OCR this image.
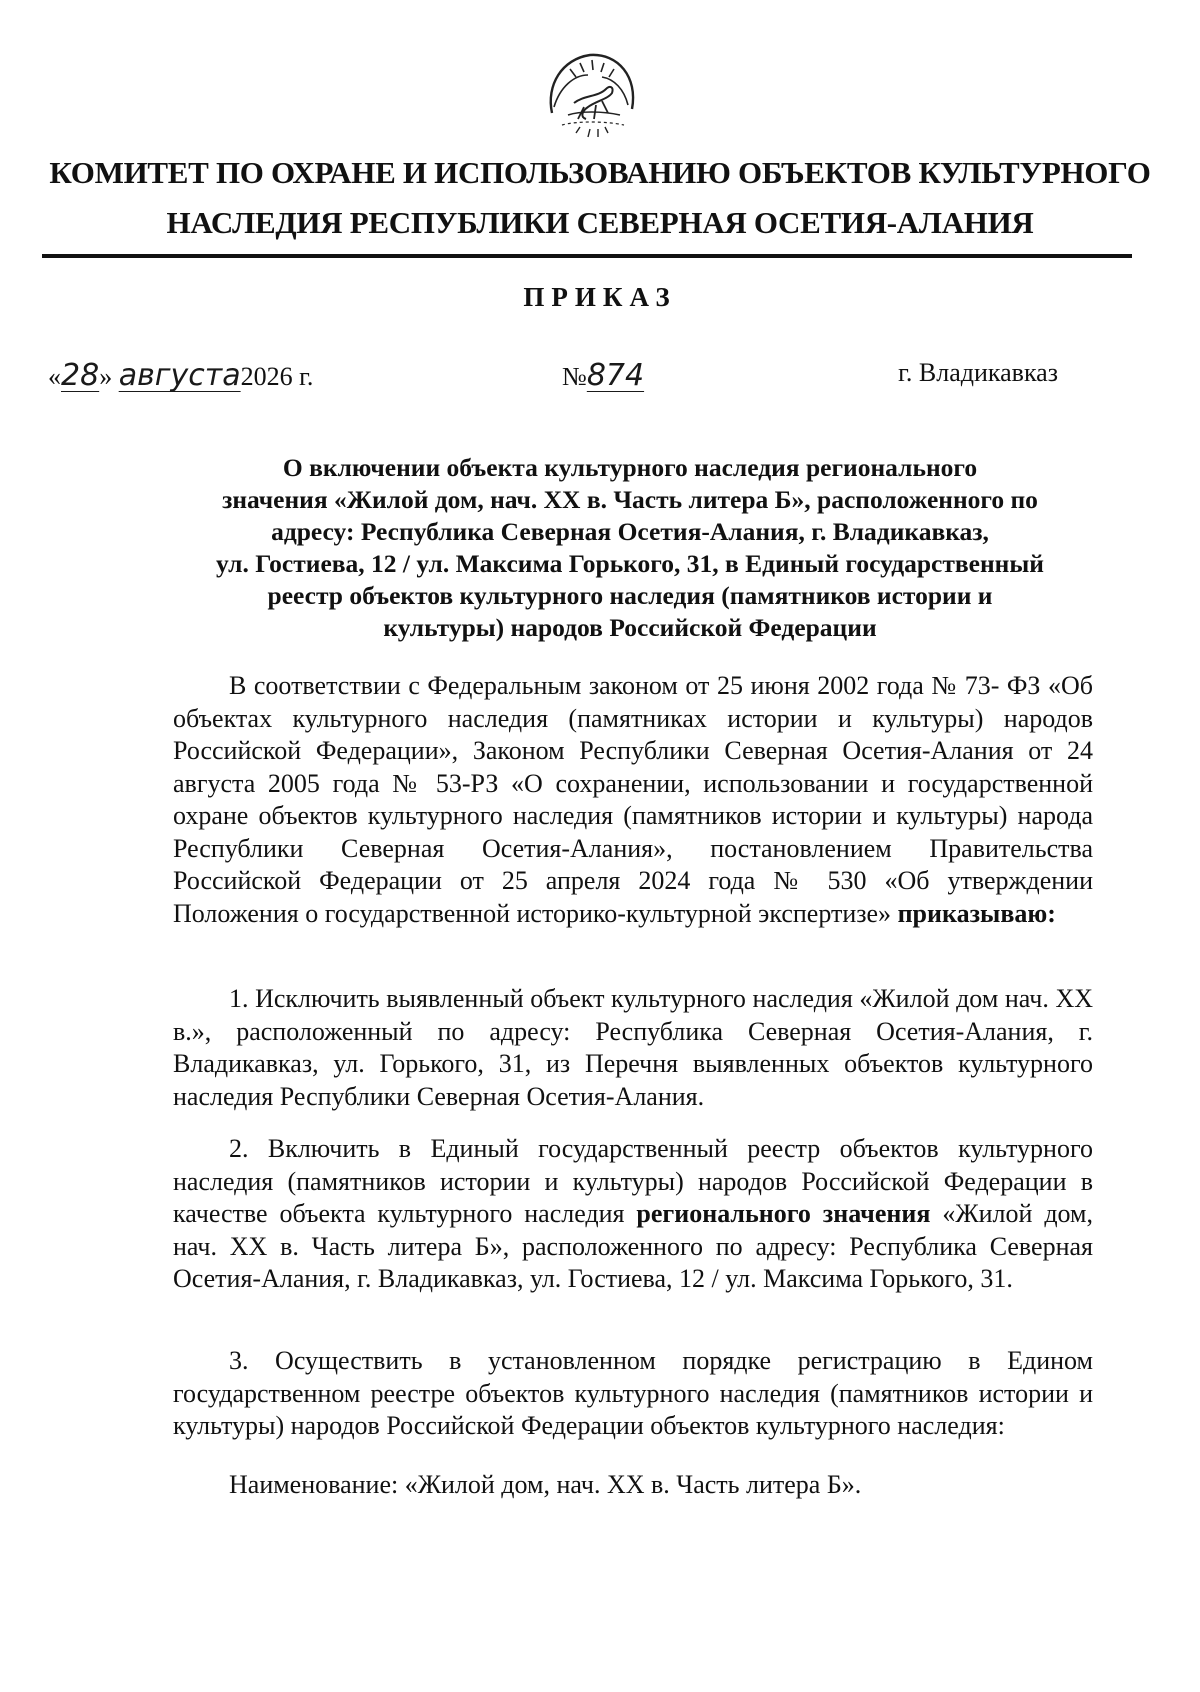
КОМИТЕТ ПО ОХРАНЕ И ИСПОЛЬЗОВАНИЮ ОБЪЕКТОВ КУЛЬТУРНОГО
НАСЛЕДИЯ РЕСПУБЛИКИ СЕВЕРНАЯ ОСЕТИЯ-АЛАНИЯ
ПРИКАЗ
«28» августа2026 г.	№874	г. Владикавказ
О включении объекта культурного наследия регионального
значения «Жилой дом, нач. XX в. Часть литера Б», расположенного по
адресу: Республика Северная Осетия-Алания, г. Владикавказ,
ул. Гостиева, 12 / ул. Максима Горького, 31, в Единый государственный
реестр объектов культурного наследия (памятников истории и
культуры) народов Российской Федерации

В соответствии с Федеральным законом от 25 июня 2002 года № 73- ФЗ «Об объектах культурного наследия (памятниках истории и культуры) народов Российской Федерации», Законом Республики Северная Осетия-Алания от 24 августа 2005 года № 53-РЗ «О сохранении, использовании и государственной охране объектов культурного наследия (памятников истории и культуры) народа Республики Северная Осетия-Алания», постановлением Правительства Российской Федерации от 25 апреля 2024 года № 530 «Об утверждении Положения о государственной историко-культурной экспертизе» приказываю:

1. Исключить выявленный объект культурного наследия «Жилой дом нач. XX в.», расположенный по адресу: Республика Северная Осетия-Алания, г. Владикавказ, ул. Горького, 31, из Перечня выявленных объектов культурного наследия Республики Северная Осетия-Алания.

2. Включить в Единый государственный реестр объектов культурного наследия (памятников истории и культуры) народов Российской Федерации в качестве объекта культурного наследия регионального значения «Жилой дом, нач. XX в. Часть литера Б», расположенного по адресу: Республика Северная Осетия-Алания, г. Владикавказ, ул. Гостиева, 12 / ул. Максима Горького, 31.

3. Осуществить в установленном порядке регистрацию в Едином государственном реестре объектов культурного наследия (памятников истории и культуры) народов Российской Федерации объектов культурного наследия:

Наименование: «Жилой дом, нач. XX в. Часть литера Б».
